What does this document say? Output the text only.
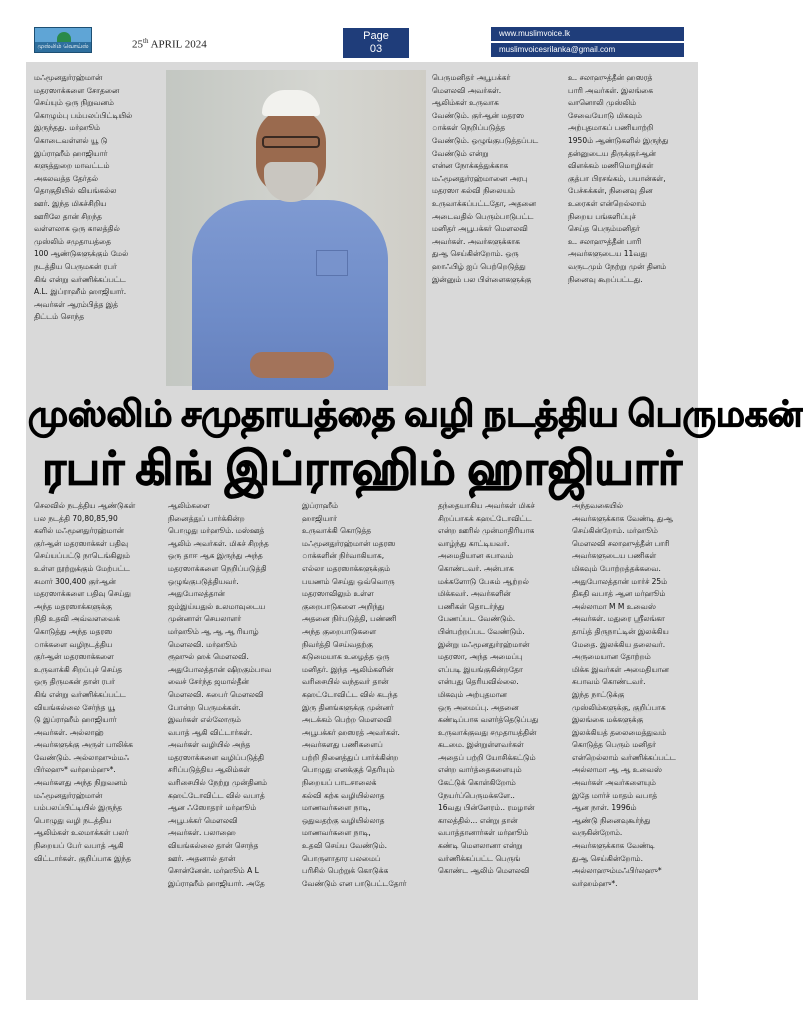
முஸ்லிம் வொய்ஸ்	25th APRIL 2024
Page
03
www.muslimvoice.lk
muslimvoicesrilanka@gmail.com
மஃமூனதுர்ரஹ்மான்
மதரஸாக்களை சோதனை
செய்யும் ஒரு நிறுவனம்
கொழும்பு பம்பலப்பிட்டியில்
இருந்தது. மர்ஹூம்
கொடைவள்ளல் யூ டு
இப்ராஹீம் ஹாஜியார்
களுத்துறை மாவட்டம்
அகலவத்த தேர்தல்
தொகுதியில் வியங்கல்ல
ஊர். இந்த மிகச்சிறிய
ஊரிலே தான் சிறந்த
வள்ளலாக ஒரு காலத்தில்
முஸ்லிம் சமுதாயத்தை
100 ஆண்டுகளுக்கும் மேல்
நடத்திய பெருமகன் ரபர்
கிங் என்று வர்ணிக்கப்பட்ட
A.L. இப்ராஹீம் ஹாஜியார்.
அவர்கள் ஆரம்பித்த இத்
திட்டம் சொந்த
பெருமனிதர் அபூபக்கர்
மௌலவி அவர்கள்.
ஆலிம்கள் உருவாக
வேண்டும். குர்ஆன் மதரஸ
ாக்கள் நெறிப்படுத்த
வேண்டும். ஒழுங்குபடுத்தப்பட
வேண்டும் என்று
என்ன நோக்கத்துக்காக
மஃமூனதுர்ரஹ்மானை அரபு
மதரஸா கல்வி நிலையம்
உருவாக்கப்பட்டதோ, அதனை
அடைவதில் பெரும்பாடுபட்ட
மனிதர் அபூபக்கர் மௌலவி
அவர்கள். அவர்களுக்காக
துஆ செய்கின்றோம். ஒரு
ஹாஃபிழ் ஐப் பெற்றெடுத்து
இன்னும் பல பிள்ளைகளுக்கு
உ. சலாஹுத்தீன் ஹஸரத்
பாரி அவர்கள். இலங்கை
வானொலி முஸ்லிம்
சேவையோடு மிகவும்
அற்புதமாகப் பணியாற்றி
1950ம் ஆண்டுகளில் இருந்து
தன்னுடைய திருக்குர்ஆன்
விளக்கம் மணிமொழிகள்
குத்பா பிரசங்கம், பயான்கள்,
பேச்சுக்கள், நினைவு தின
உரைகள் என்றெல்லாம்
நிறைய பங்களிப்புச்
செய்த பெரும்மனிதர்
உ. சலாஹுத்தீன் பாரி
அவர்களுடைய 11வது
வருடமும் நேற்று முன் தினம்
நினைவு கூறப்பட்டது.
முஸ்லிம் சமுதாயத்தை வழி நடத்திய பெருமகன்
ரபர் கிங் இப்ராஹிம் ஹாஜியார்
செலவில் நடத்திய ஆண்டுகள்
பல நடத்தி 70,80,85,90
களில் மஃமூனதுர்ரஹ்மான்
குர்ஆன் மதரஸாக்கள் பதிவு
செய்யப்பட்டு நாடெங்கிலும்
உள்ள நூற்றுக்கும் மேற்பட்ட
சுமார் 300,400 குர்ஆன்
மதரஸாக்களை பதிவு செய்து
அந்த மதரஸாக்களுக்கு
நிதி உதவி அவ்வளவைக்
கொடுத்து அந்த மதரஸ
ாக்களை வழிநடத்திய
குர்ஆன் மதரஸாக்களை
உருவாக்கி சிறப்புச் செய்த
ஒரு திருமகன் தான் ரபர்
கிங் என்று வர்ணிக்கப்பட்ட
வியங்கல்லை சேர்ந்த யூ
டு இப்ராஹீம் ஹாஜியார்
அவர்கள். அல்லாஹ்
அவர்களுக்கு அருள் பாலிக்க
வேண்டும். அல்லாஹும்மஃ
பிர்லஹு* வர்ஹம்ஹு*.
அவர்களது அந்த நிறுவனம்
மஃமூனதுர்ரஹ்மான்
பம்பலப்பிட்டியில் இருந்த
பொழுது வழி நடத்திய
ஆலிம்கள் உலமாக்கள் பலர்
நிறையப் பேர் வபாத் ஆகி
விட்டார்கள். குறிப்பாக இந்த
ஆலிம்களை
நினைத்துப் பார்க்கின்ற
பொழுது மர்ஹூம். மஸ்ஊத்
ஆலிம் அவர்கள். மிகச் சிறந்த
ஒரு தாஈ ஆக இருந்து அந்த
மதரஸாக்களை நெறிப்படுத்தி
ஒழுங்குபடுத்தியவர்.
அதுபோலத்தான்
ஜம்இய்யதுல் உலமாவுடைய
முன்னாள் செயலாளர்
மர்ஹூம் ஆ ஆ ஆ ரியாழ்
மௌலவி. மர்ஹூம்
ரூஹுல் ஹக் மௌலவி.
அதுபோலத்தான் ஷிறகும்பாவ
வைச் சேர்ந்த ஜமால்தீன்
மௌலவி. சுபைர் மௌலவி
போன்ற பெருமக்கள்.
இவர்கள் எல்லோரும்
வபாத் ஆகி விட்டார்கள்.
அவர்கள் வழியில் அந்த
மதரஸாக்களை வழிப்படுத்தி
சரிப்படுத்திய ஆலிம்கள்
வரிசையில் நேற்று முன்தினம்
கஹட்டோவிட்ட வில் வபாத்
ஆன ஃஸோதரர் மர்ஹூம்
அபூபக்கர் மௌலவி
அவர்கள். பலாஹை
வியங்கல்லை தான் சொந்த
ஊர். அதனால் தான்
சொன்னேன். மர்ஹூம் A L
இப்ராஹீம் ஹாஜியார். அதே
இப்ராஹீம்
ஹாஜியார்
உருவாக்கி கொடுத்த
மஃமூனதுர்ரஹ்மான் மதரஸ
ாக்களின் நிர்வாகியாக,
எல்லா மதரஸாக்களுக்கும்
பயணம் செய்து ஒவ்வொரு
மதரஸாவிலும் உள்ள
குறைபாடுகளை அறிந்து
அதனை நிர்படுத்தி, பண்ணி
அந்த குறைபாடுகளை
நிவர்த்தி செய்வதற்கு
கடுமையாக உழைத்த ஒரு
மனிதர். இந்த ஆலிம்களின்
வரிசையில் வந்தவர் தான்
கஹட்டோவிட்ட வில் கடந்த
இரு தினங்களுக்கு முன்னர்
அடக்கம் பெற்ற மௌலவி
அபூபக்கர் ஹஸரத் அவர்கள்.
அவர்களது பணிகளைப்
பற்றி நினைத்துப் பார்க்கின்ற
பொழுது எனக்குத் தெரியும்
நிறையப் பாடசாலைக்
கல்வி கற்க வழியில்லாத
மாணவர்களை நாடி,
ஒதுவதற்கு வழியில்லாத
மாணவர்களை நாடி,
உதவி செய்ய வேண்டும்.
பொருளாதார பலமைப்
பரிசில் பெற்றுக் கொடுக்க
வேண்டும் என பாடுபட்டதோர்
தந்தையாகிய அவர்கள் மிகச்
சிறப்பாகக் கஹட்டோவிட்ட
என்ற ஊரில் முன்மாதிரியாக
வாழ்ந்து காட்டியவர்.
அமைதியான சுபாவம்
கொண்டவர். அன்பாக
மக்களோடு பேசும் ஆற்றல்
மிக்கவர். அவர்களின்
பணிகள் தொடர்ந்து
பேணப்பட வேண்டும்.
பின்பற்றப்பட வேண்டும்.
இன்று மஃமூனதுர்ரஹ்மான்
மதரஸா, அந்த அமைப்பு
எப்படி இயங்குகின்றதோ
என்பது தெரியவில்லை.
மிகவும் அற்புதமான
ஒரு அமைப்பு. அதனை
கண்டிப்பாக வளர்த்தெடுப்பது
உருவாக்குவது சமுதாயத்தின்
கடமை. இன்றுள்ளவர்கள்
அதைப் பற்றி யோசிக்கட்டும்
என்ற வார்த்தைகளையும்
கேட்டுக் கொள்கிறோம்
நேயர்ப்பெருமக்களே..
16வது பின்னேரம்.. ரமழான்
காலத்தில்... என்று தான்
வபாத்தானார்கள் மர்ஹூம்
கண்டி மௌலானா என்று
வர்ணிக்கப்பட்ட பெருங்
கொண்ட ஆலிம் மௌலவி
அந்தவகையில்
அவர்களுக்காக வேண்டி துஆ
செய்கின்றோம். மர்ஹூம்
மௌலவி சலாஹுத்தீன் பாரி
அவர்களுடைய பணிகள்
மிகவும் போற்றத்தக்கவை.
அதுபோலத்தான் மார்ச் 25ம்
திகதி வபாத் ஆன மர்ஹூம்
அல்லாமா M M உவைஸ்
அவர்கள். மதுரை ஸ்ரீலங்கா
தாய்த் திருநாட்டின் இலக்கிய
மேதை. இலக்கிய தலைவர்.
அருமையான தோற்றம்
மிக்க இவர்கள் அமைதியான
சுபாவம் கொண்டவர்.
இந்த நாட்டுக்கு
முஸ்லிம்களுக்கு, குறிப்பாக
இலங்கை மக்களுக்கு
இலக்கியத் தலைமைத்துவம்
கொடுத்த பெரும் மனிதர்
என்றெல்லாம் வர்ணிக்கப்பட்ட
அல்லாமா ஆ ஆ உவைஸ்
அவர்கள் அவர்களையும்
இதே மார்ச் மாதம் வபாத்
ஆன நாள். 1996ம்
ஆண்டு நினைவுகூர்ந்து
வருகின்றோம்.
அவர்களுக்காக வேண்டி
துஆ செய்கின்றோம்.
அல்லாஹும்மஃபிர்லஹு*
வர்ஹம்ஹு*.
